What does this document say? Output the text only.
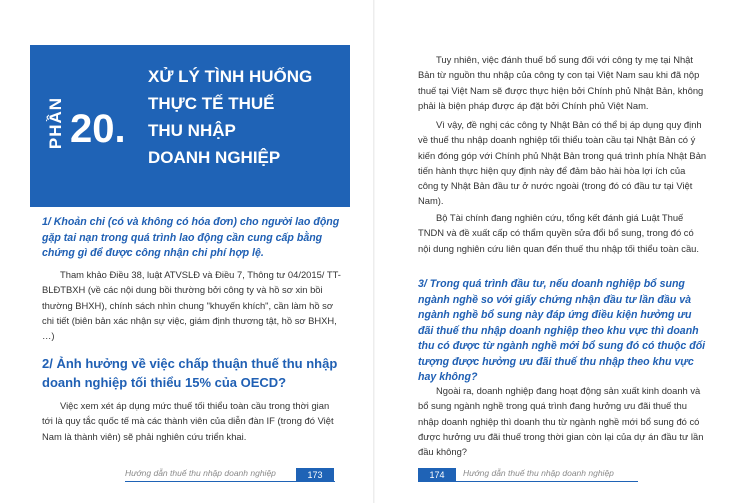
PHẦN 20.
XỬ LÝ TÌNH HUỐNG
THỰC TẾ THUẾ
THU NHẬP
DOANH NGHIỆP

1/ Khoản chi (có và không có hóa đơn) cho người lao động gặp tai nạn trong quá trình lao động cần cung cấp bằng chứng gì để được công nhận chi phí hợp lệ.

Tham khảo Điều 38, luật ATVSLĐ và Điều 7, Thông tư 04/2015/ TT-BLĐTBXH (về các nội dung bồi thường bởi công ty và hồ sơ xin bồi thường BHXH), chính sách nhìn chung "khuyến khích", cần làm hồ sơ chi tiết (biên bản xác nhận sự việc, giám định thương tật, hồ sơ BHXH, …)

2/ Ảnh hưởng về việc chấp thuận thuế thu nhập doanh nghiệp tối thiểu 15% của OECD?

Việc xem xét áp dụng mức thuế tối thiểu toàn cầu trong thời gian tới là quy tắc quốc tế mà các thành viên của diễn đàn IF (trong đó Việt Nam là thành viên) sẽ phải nghiên cứu triển khai.

Hướng dẫn thuế thu nhập doanh nghiệp	173

Tuy nhiên, việc đánh thuế bổ sung đối với công ty mẹ tại Nhật Bản từ nguồn thu nhập của công ty con tại Việt Nam sau khi đã nộp thuế tại Việt Nam sẽ được thực hiện bởi Chính phủ Nhật Bản, không phải là biện pháp được áp đặt bởi Chính phủ Việt Nam.

Vì vậy, đề nghị các công ty Nhật Bản có thể bị áp dụng quy định về thuế thu nhập doanh nghiệp tối thiểu toàn cầu tại Nhật Bản có ý kiến đóng góp với Chính phủ Nhật Bản trong quá trình phía Nhật Bản tiến hành thực hiện quy định này để đảm bảo hài hòa lợi ích của công ty Nhật Bản đầu tư ở nước ngoài (trong đó có đầu tư tại Việt Nam).

Bộ Tài chính đang nghiên cứu, tổng kết đánh giá Luật Thuế TNDN và đề xuất cấp có thẩm quyền sửa đổi bổ sung, trong đó có nội dung nghiên cứu liên quan đến thuế thu nhập tối thiểu toàn cầu.

3/ Trong quá trình đầu tư, nếu doanh nghiệp bổ sung ngành nghề so với giấy chứng nhận đầu tư lần đầu và ngành nghề bổ sung này đáp ứng điều kiện hưởng ưu đãi thuế thu nhập doanh nghiệp theo khu vực thì doanh thu có được từ ngành nghề mới bổ sung đó có thuộc đối tượng được hưởng ưu đãi thuế thu nhập theo khu vực hay không?

Ngoài ra, doanh nghiệp đang hoạt động sản xuất kinh doanh và bổ sung ngành nghề trong quá trình đang hưởng ưu đãi thuế thu nhập doanh nghiệp thì doanh thu từ ngành nghề mới bổ sung đó có được hưởng ưu đãi thuế trong thời gian còn lại của dự án đầu tư lần đầu không?

174	Hướng dẫn thuế thu nhập doanh nghiệp
